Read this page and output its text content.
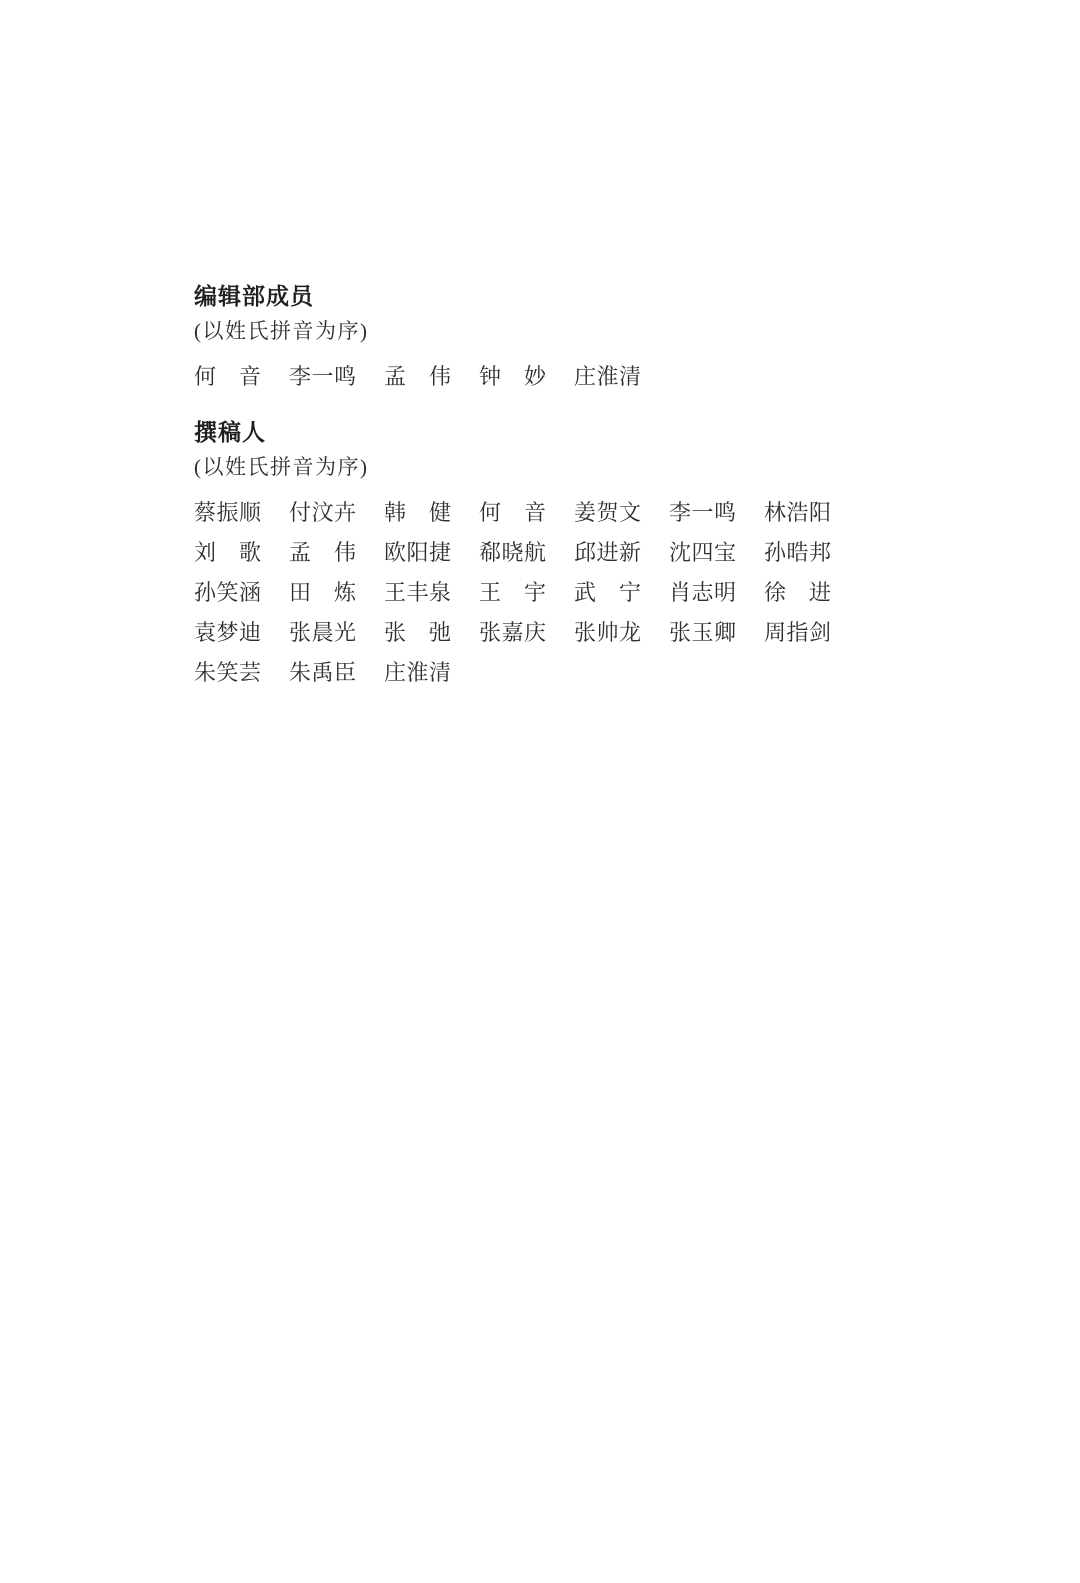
编辑部成员

(以姓氏拼音为序)

何 音 李 一 鸣 孟 伟 钟 妙 庄 淮 清
撰稿人

(以姓氏拼音为序)

蔡 振 顺 付 汶 卉 韩 健 何 音 姜 贺 文 李 一 鸣 林 浩 阳
刘 歌 孟 伟 欧 阳 捷 郗 晓 航 邱 进 新 沈 四 宝 孙 晧 邦
孙 笑 涵 田 炼 王 丰 泉 王 宇 武 宁 肖 志 明 徐 进
袁 梦 迪 张 晨 光 张 弛 张 嘉 庆 张 帅 龙 张 玉 卿 周 指 剑
朱 笑 芸 朱 禹 臣 庄 淮 清
